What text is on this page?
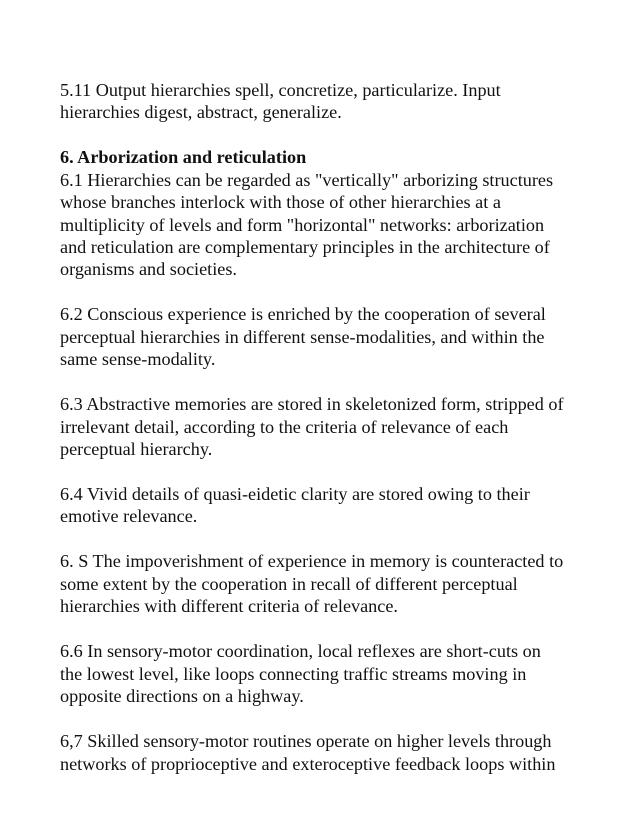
5.11 Output hierarchies spell, concretize, particularize. Input
hierarchies digest, abstract, generalize.

6. Arborization and reticulation
6.1 Hierarchies can be regarded as "vertically" arborizing structures
whose branches interlock with those of other hierarchies at a
multiplicity of levels and form "horizontal" networks: arborization
and reticulation are complementary principles in the architecture of
organisms and societies.

6.2 Conscious experience is enriched by the cooperation of several
perceptual hierarchies in different sense-modalities, and within the
same sense-modality.

6.3 Abstractive memories are stored in skeletonized form, stripped of
irrelevant detail, according to the criteria of relevance of each
perceptual hierarchy.

6.4 Vivid details of quasi-eidetic clarity are stored owing to their
emotive relevance.

6. S The impoverishment of experience in memory is counteracted to
some extent by the cooperation in recall of different perceptual
hierarchies with different criteria of relevance.

6.6 In sensory-motor coordination, local reflexes are short-cuts on
the lowest level, like loops connecting traffic streams moving in
opposite directions on a highway.

6,7 Skilled sensory-motor routines operate on higher levels through
networks of proprioceptive and exteroceptive feedback loops within
